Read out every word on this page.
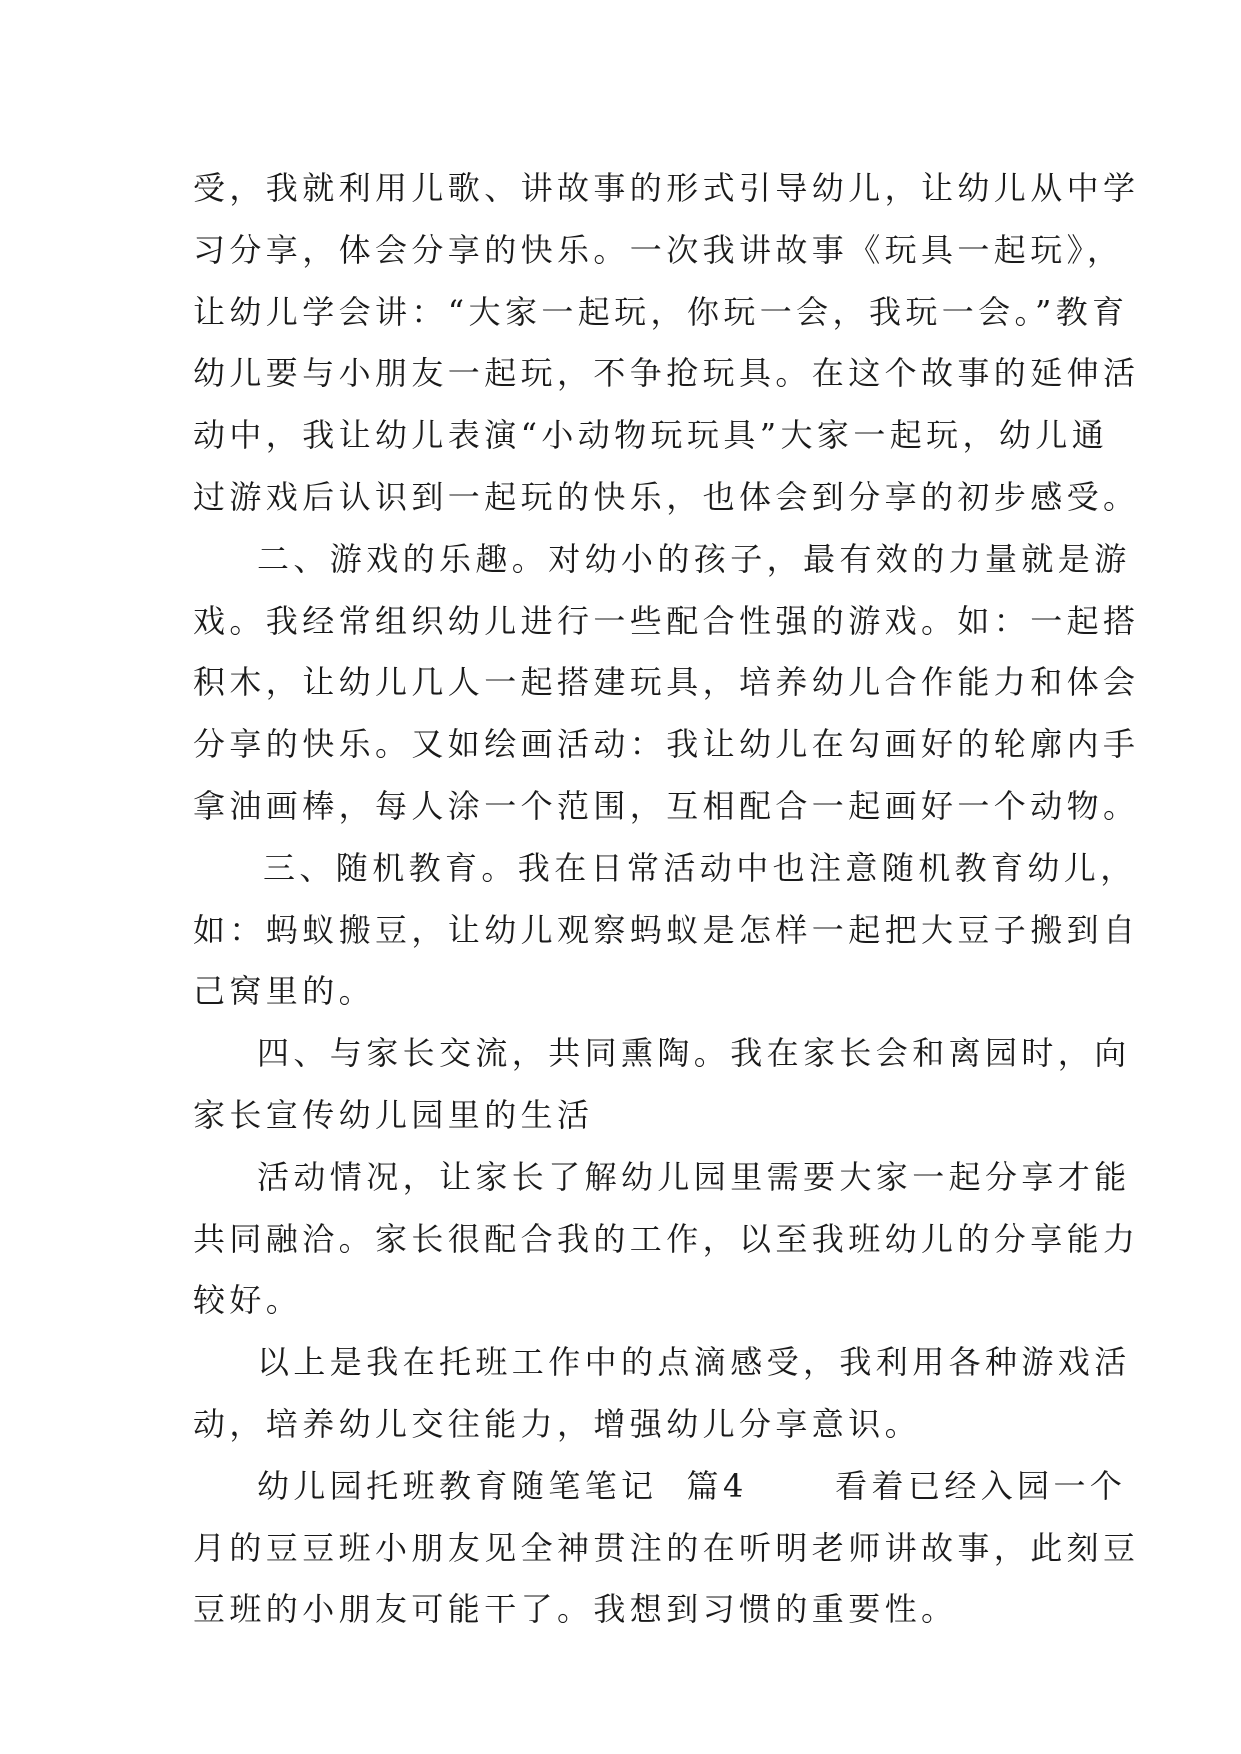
受，我就利用儿歌、讲故事的形式引导幼儿，让幼儿从中学
习分享，体会分享的快乐。一次我讲故事《玩具一起玩》，
让幼儿学会讲：“大家一起玩，你玩一会，我玩一会。”教育
幼儿要与小朋友一起玩，不争抢玩具。在这个故事的延伸活
动中，我让幼儿表演“小动物玩玩具”大家一起玩，幼儿通
过游戏后认识到一起玩的快乐，也体会到分享的初步感受。
二、游戏的乐趣。对幼小的孩子，最有效的力量就是游
戏。我经常组织幼儿进行一些配合性强的游戏。如：一起搭
积木，让幼儿几人一起搭建玩具，培养幼儿合作能力和体会
分享的快乐。又如绘画活动：我让幼儿在勾画好的轮廓内手
拿油画棒，每人涂一个范围，互相配合一起画好一个动物。
三、随机教育。我在日常活动中也注意随机教育幼儿，
如：蚂蚁搬豆，让幼儿观察蚂蚁是怎样一起把大豆子搬到自
己窝里的。
四、与家长交流，共同熏陶。我在家长会和离园时，向
家长宣传幼儿园里的生活
活动情况，让家长了解幼儿园里需要大家一起分享才能
共同融洽。家长很配合我的工作，以至我班幼儿的分享能力
较好。
以上是我在托班工作中的点滴感受，我利用各种游戏活
动，培养幼儿交往能力，增强幼儿分享意识。
幼儿园托班教育随笔笔记  篇4      看着已经入园一个
月的豆豆班小朋友见全神贯注的在听明老师讲故事，此刻豆
豆班的小朋友可能干了。我想到习惯的重要性。
